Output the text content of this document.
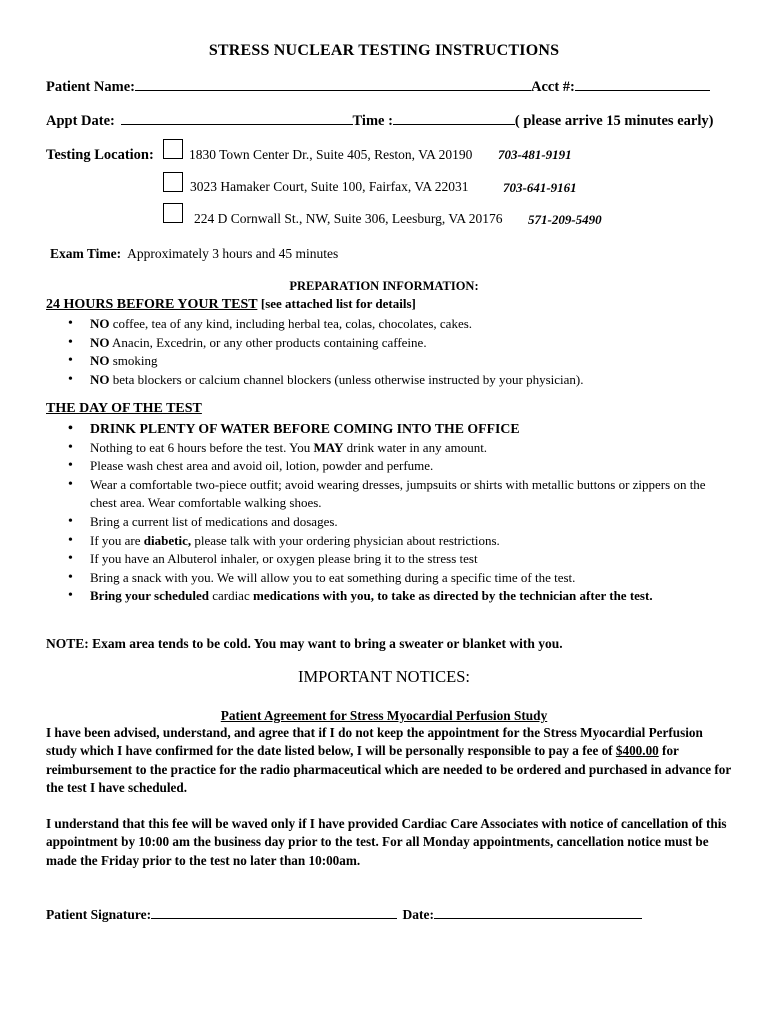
STRESS NUCLEAR TESTING INSTRUCTIONS
Patient Name:	Acct #:
Appt Date:	Time :	( please arrive 15 minutes early)
Testing Location:	1830 Town Center Dr., Suite 405, Reston, VA 20190 703-481-9191
3023 Hamaker Court, Suite 100, Fairfax, VA 22031	703-641-9161
224 D Cornwall St., NW, Suite 306, Leesburg, VA 20176 571-209-5490
Exam Time: Approximately 3 hours and 45 minutes
PREPARATION INFORMATION:
24 HOURS BEFORE YOUR TEST [see attached list for details]
• NO coffee, tea of any kind, including herbal tea, colas, chocolates, cakes.
• NO Anacin, Excedrin, or any other products containing caffeine.
• NO smoking
• NO beta blockers or calcium channel blockers (unless otherwise instructed by your physician).
THE DAY OF THE TEST
• DRINK PLENTY OF WATER BEFORE COMING INTO THE OFFICE
• Nothing to eat 6 hours before the test. You MAY drink water in any amount.
• Please wash chest area and avoid oil, lotion, powder and perfume.
• Wear a comfortable two-piece outfit; avoid wearing dresses, jumpsuits or shirts with metallic buttons or zippers on the chest area. Wear comfortable walking shoes.
• Bring a current list of medications and dosages.
• If you are diabetic, please talk with your ordering physician about restrictions.
• If you have an Albuterol inhaler, or oxygen please bring it to the stress test
• Bring a snack with you. We will allow you to eat something during a specific time of the test.
• Bring your scheduled cardiac medications with you, to take as directed by the technician after the test.
NOTE: Exam area tends to be cold. You may want to bring a sweater or blanket with you.
IMPORTANT NOTICES:
Patient Agreement for Stress Myocardial Perfusion Study
I have been advised, understand, and agree that if I do not keep the appointment for the Stress Myocardial Perfusion study which I have confirmed for the date listed below, I will be personally responsible to pay a fee of $400.00 for reimbursement to the practice for the radio pharmaceutical which are needed to be ordered and purchased in advance for the test I have scheduled.
I understand that this fee will be waved only if I have provided Cardiac Care Associates with notice of cancellation of this appointment by 10:00 am the business day prior to the test. For all Monday appointments, cancellation notice must be made the Friday prior to the test no later than 10:00am.
Patient Signature:	Date:
